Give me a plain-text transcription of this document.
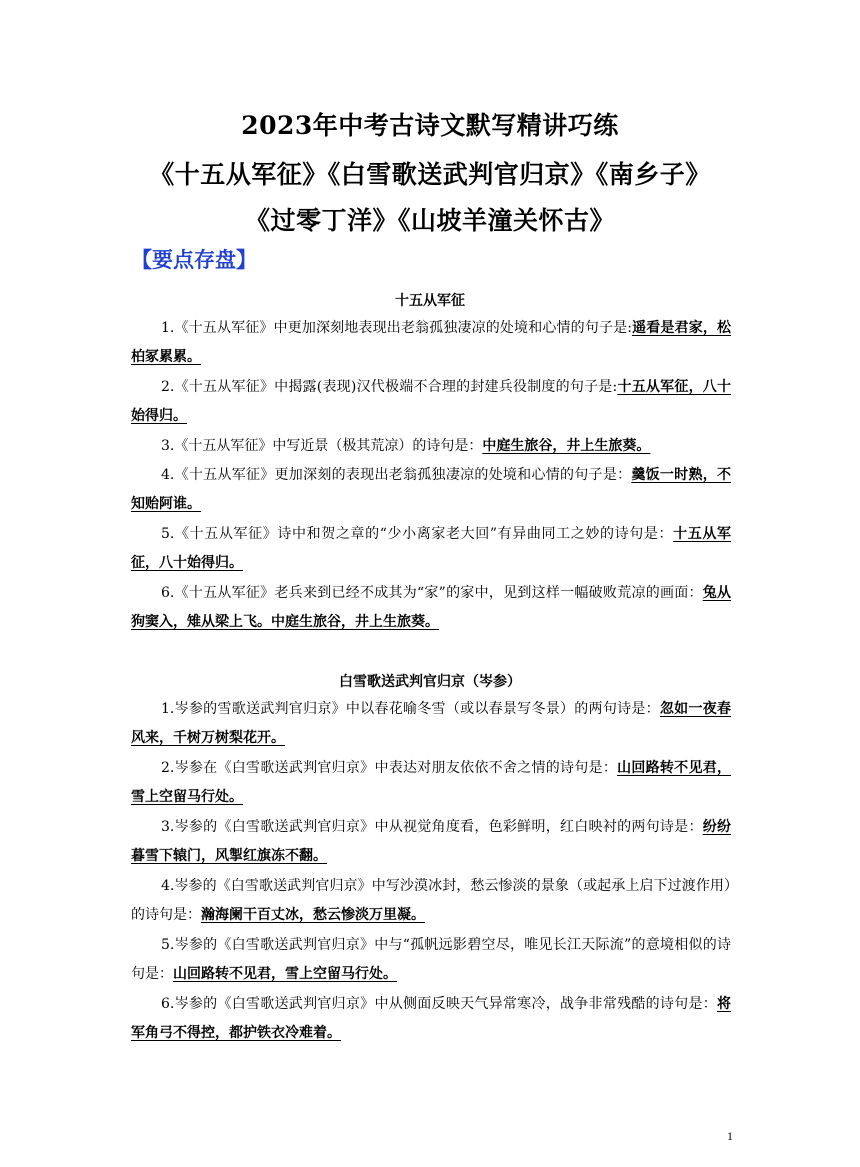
2023年中考古诗文默写精讲巧练
《十五从军征》《白雪歌送武判官归京》《南乡子》
《过零丁洋》《山坡羊潼关怀古》
【要点存盘】
十五从军征
1.《十五从军征》中更加深刻地表现出老翁孤独凄凉的处境和心情的句子是:遥看是君家，松柏冢累累。
2.《十五从军征》中揭露(表现)汉代极端不合理的封建兵役制度的句子是:十五从军征，八十始得归。
3.《十五从军征》中写近景（极其荒凉）的诗句是：中庭生旅谷，井上生旅葵。
4.《十五从军征》更加深刻的表现出老翁孤独凄凉的处境和心情的句子是：羹饭一时熟，不知贻阿谁。
5.《十五从军征》诗中和贺之章的“少小离家老大回”有异曲同工之妙的诗句是：十五从军征，八十始得归。
6.《十五从军征》老兵来到已经不成其为“家”的家中，见到这样一幅破败荒凉的画面：兔从狗窦入，雉从梁上飞。中庭生旅谷，井上生旅葵。
白雪歌送武判官归京（岑参）
1.岑参的雪歌送武判官归京》中以春花喻冬雪（或以春景写冬景）的两句诗是：忽如一夜春风来，千树万树梨花开。
2.岑参在《白雪歌送武判官归京》中表达对朋友依依不舍之情的诗句是：山回路转不见君，雪上空留马行处。
3.岑参的《白雪歌送武判官归京》中从视觉角度看，色彩鲜明，红白映衬的两句诗是：纷纷暮雪下辕门，风掣红旗冻不翻。
4.岑参的《白雪歌送武判官归京》中写沙漠冰封，愁云惨淡的景象（或起承上启下过渡作用）的诗句是：瀚海阑干百丈冰，愁云惨淡万里凝。
5.岑参的《白雪歌送武判官归京》中与“孤帆远影碧空尽，唯见长江天际流”的意境相似的诗句是：山回路转不见君，雪上空留马行处。
6.岑参的《白雪歌送武判官归京》中从侧面反映天气异常寒冷，战争非常残酷的诗句是：将军角弓不得控，都护铁衣冷难着。
1
